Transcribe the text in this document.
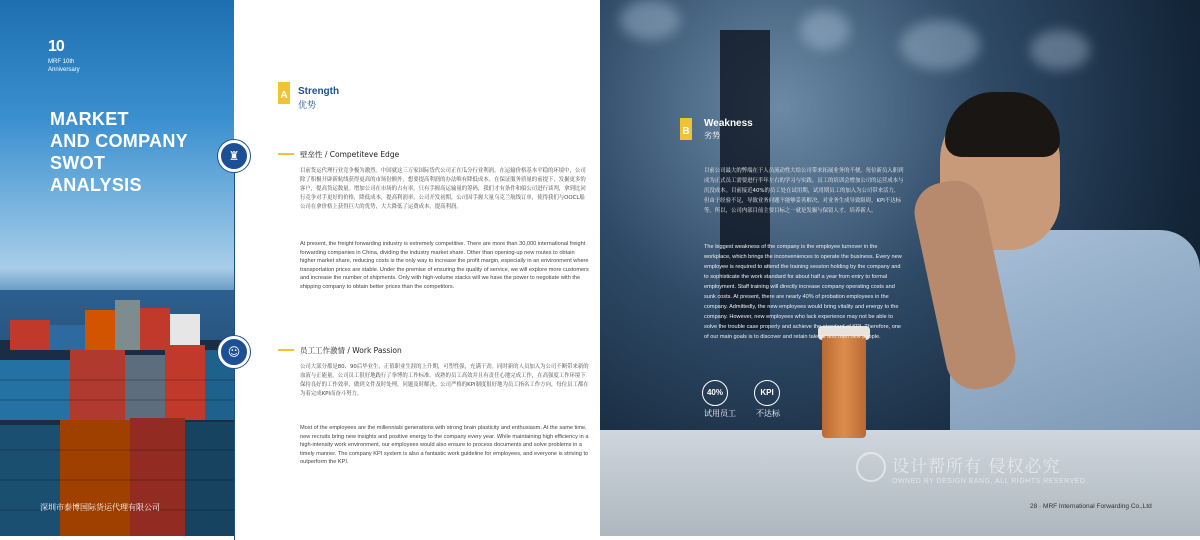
10
MRF 10th
Anniversary
MARKET
AND COMPANY
SWOT
ANALYSIS
深圳市泰博国际货运代理有限公司
A Strength
优势
♜	壁垒性 / Competiteve Edge
目前货运代理行业竞争极为激烈。中国就这三万家国际货代公司正在瓜分行业利润。在运输价格基本平稳的环境中，公司除了积极开辟新航线获得更高的市场份额外，想要提高利润的办法唯有降低成本。在保证服务质量的前提下，发掘更多的客户，提高货运数量。增加公司在市场的占有率。只有手握高运输量的筹码，我们才有条件和船公司进行谈判，拿到比同行竞争对手更好的价格，降低成本，提高利润率。公司开发初期，公司因手握大量乌克兰航线订单，使得我们与OOCL船公司在拿价格上获得巨大的优势，大大降低了运费成本，提高利润。
At present, the freight forwarding industry is extremely competitive. There are more than 30,000 international freight forwarding companies in China, dividing the industry market share. Other than opening-up new routes to obtain higher market share, reducing costs is the only way to increase the profit margin, especially in an environment where transportation prices are stable. Under the premise of ensuring the quality of service, we will explore more customers and increase the number of shipments. Only with high-volume stacks will we have the power to negotiate with the shipping company to obtain better prices than the competitors.
☺	员工工作激情 / Work Passion
公司大部分都是80、90后毕业生，正值职业生涯的上升期，可塑性强，充满干劲。同时新的人员加入为公司不断带来新的血液与正能量。公司员工很好地践行了拳博的工作标准。成熟的员工高效并且有责任心地完成工作，在高强度工作环境下保持良好的工作效率，做到文件及时处理，问题及时解决。公司严格的KPI制度很好地为员工指名工作方向，每位员工都在为着完成KPI而奋斗努力。
Most of the employees are the millennials generations with strong brain plasticity and enthusiasm. At the same time, new recruits bring new insights and positive energy to the company every year. While maintaining high efficiency in a high-intensity work environment, our employees would also ensure to process documents and solve problems in a timely manner. The company KPI system is also a fantastic work guideline for employees, and everyone is striving to outperform the KPI.
B
Weakness
劣势
目前公司最大的弊端在于人员流动性大给公司带来拓展业务的不便。每位新员入职到成为正式员工需要进行半年左右的学习与实践。员工的培训会增加公司的运营成本与沉没成本。目前接近40%的员工处在试用期，试用期员工的加入为公司带来活力，但由于经验不足，导致业务问题不能够妥善解决，对业务生成导致阻碍，KPI不达标等。所以，公司内部目前主要目标之一就是发掘与保留人才，培养新人。
The biggest weakness of the company is the employee turnover in the workplace, which brings the inconveniences to operate the business. Every new employee is required to attend the training session holding by the company and to sophisticate the work standard for about half a year from entry to formal employment. Staff training will directly increase company operating costs and sunk costs. At present, there are nearly 40% of probation employees in the company. Admittedly, the new employees would bring vitality and energy to the company. However, new employees who lack experience may not be able to solve the trouble case properly and achieve the standard of KPI. Therefore, one of our main goals is to discover and retain talents and train new people.
40%
试用员工
KPI
不达标
设计帮所有 侵权必究
OWNED BY DESIGN BANG, ALL RIGHTS RESERVED.
28 · MRF International Forwarding Co.,Ltd
